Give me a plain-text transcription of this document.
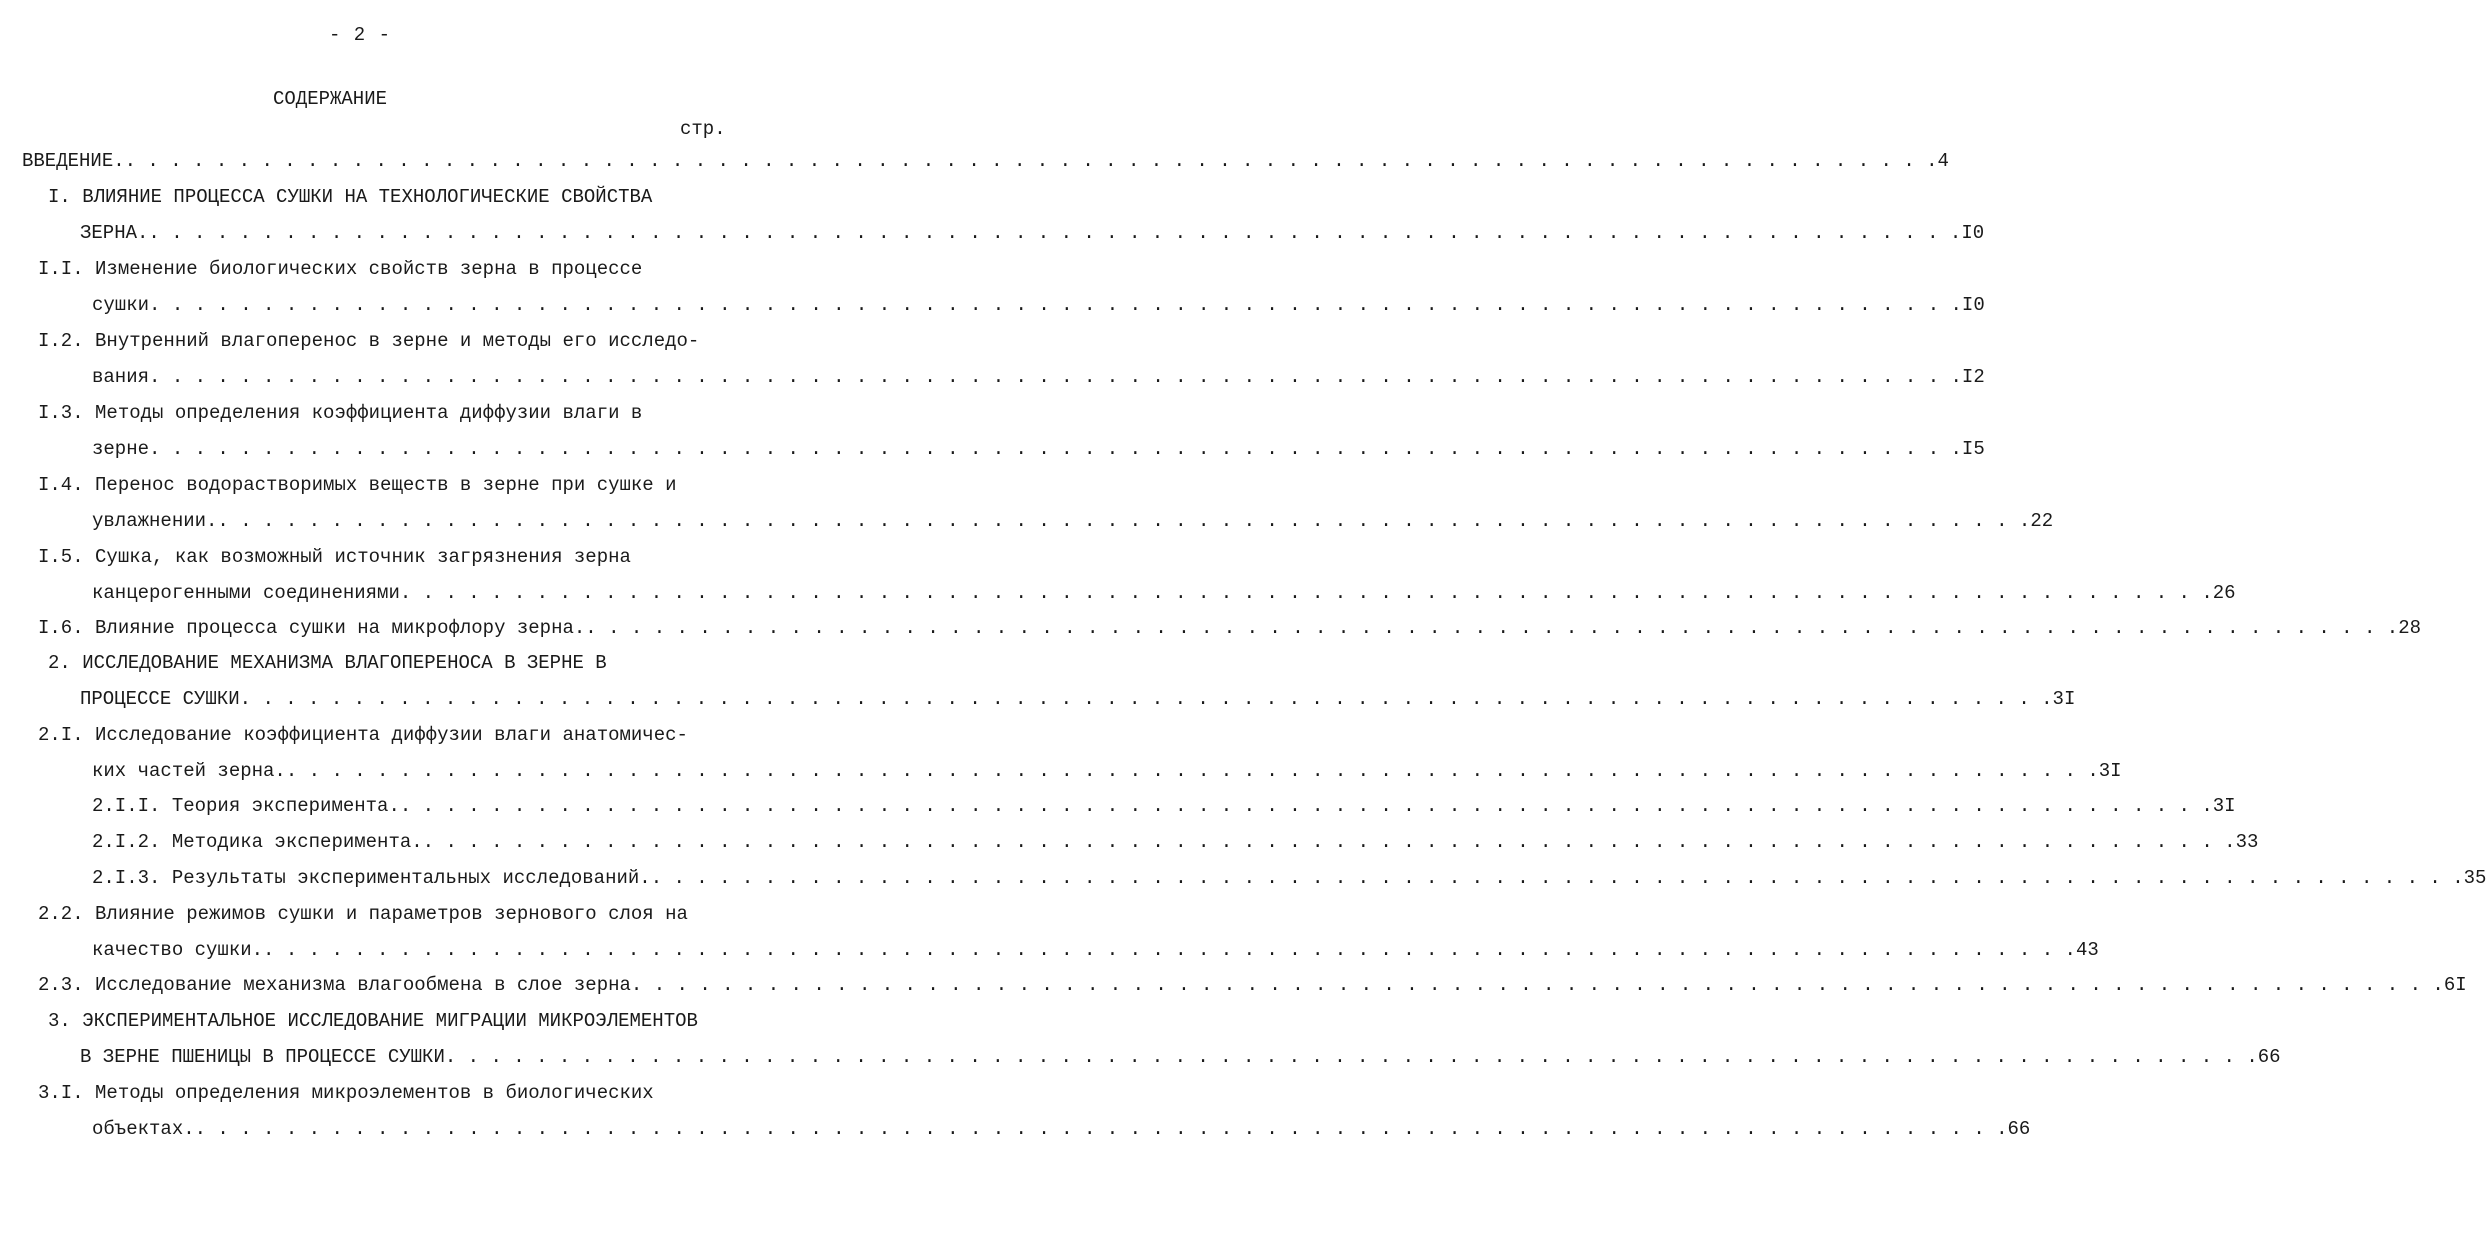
- 2 -
СОДЕРЖАНИЕ
стр.
ВВЕДЕНИЕ. . . . . . . . . . . . . . . . . . . . . . . . . . . . . . . . . . . . . . . . . . . . . . . . . . . . . . . . . . . . . . . . . . . . . . . . . . . . . . . . . 4
I. ВЛИЯНИЕ ПРОЦЕССА СУШКИ НА ТЕХНОЛОГИЧЕСКИЕ СВОЙСТВА
ЗЕРНА. . . . . . . . . . . . . . . . . . . . . . . . . . . . . . . . . . . . . . . . . . . . . . . . . . . . . . . . . . . . . . . . . . . . . . . . . . . . . . . . . I0
I.I. Изменение биологических свойств зерна в процессе
сушки . . . . . . . . . . . . . . . . . . . . . . . . . . . . . . . . . . . . . . . . . . . . . . . . . . . . . . . . . . . . . . . . . . . . . . . . . . . . . . . . I0
I.2. Внутренний влагоперенос в зерне и методы его исследо-
вания . . . . . . . . . . . . . . . . . . . . . . . . . . . . . . . . . . . . . . . . . . . . . . . . . . . . . . . . . . . . . . . . . . . . . . . . . . . . . . . . I2
I.3. Методы определения коэффициента диффузии влаги в
зерне . . . . . . . . . . . . . . . . . . . . . . . . . . . . . . . . . . . . . . . . . . . . . . . . . . . . . . . . . . . . . . . . . . . . . . . . . . . . . . . . I5
I.4. Перенос водорастворимых веществ в зерне при сушке и
увлажнении. . . . . . . . . . . . . . . . . . . . . . . . . . . . . . . . . . . . . . . . . . . . . . . . . . . . . . . . . . . . . . . . . . . . . . . . . . . . . . . . . 22
I.5. Сушка, как возможный источник загрязнения зерна
канцерогенными соединениями . . . . . . . . . . . . . . . . . . . . . . . . . . . . . . . . . . . . . . . . . . . . . . . . . . . . . . . . . . . . . . . . . . . . . . . . . . . . . . . . 26
I.6. Влияние процесса сушки на микрофлору зерна. . . . . . . . . . . . . . . . . . . . . . . . . . . . . . . . . . . . . . . . . . . . . . . . . . . . . . . . . . . . . . . . . . . . . . . . . . . . . . . . . 28
2. ИССЛЕДОВАНИЕ МЕХАНИЗМА ВЛАГОПЕРЕНОСА В ЗЕРНЕ В
ПРОЦЕССЕ СУШКИ . . . . . . . . . . . . . . . . . . . . . . . . . . . . . . . . . . . . . . . . . . . . . . . . . . . . . . . . . . . . . . . . . . . . . . . . . . . . . . . . 3I
2.I. Исследование коэффициента диффузии влаги анатомичес-
ких частей зерна. . . . . . . . . . . . . . . . . . . . . . . . . . . . . . . . . . . . . . . . . . . . . . . . . . . . . . . . . . . . . . . . . . . . . . . . . . . . . . . . . 3I
2.I.I. Теория эксперимента. . . . . . . . . . . . . . . . . . . . . . . . . . . . . . . . . . . . . . . . . . . . . . . . . . . . . . . . . . . . . . . . . . . . . . . . . . . . . . . . . 3I
2.I.2. Методика эксперимента. . . . . . . . . . . . . . . . . . . . . . . . . . . . . . . . . . . . . . . . . . . . . . . . . . . . . . . . . . . . . . . . . . . . . . . . . . . . . . . . . 33
2.I.3. Результаты экспериментальных исследований. . . . . . . . . . . . . . . . . . . . . . . . . . . . . . . . . . . . . . . . . . . . . . . . . . . . . . . . . . . . . . . . . . . . . . . . . . . . . . . . . 35
2.2. Влияние режимов сушки и параметров зернового слоя на
качество сушки. . . . . . . . . . . . . . . . . . . . . . . . . . . . . . . . . . . . . . . . . . . . . . . . . . . . . . . . . . . . . . . . . . . . . . . . . . . . . . . . . 43
2.3. Исследование механизма влагообмена в слое зерна . . . . . . . . . . . . . . . . . . . . . . . . . . . . . . . . . . . . . . . . . . . . . . . . . . . . . . . . . . . . . . . . . . . . . . . . . . . . . . . . 6I
3. ЭКСПЕРИМЕНТАЛЬНОЕ ИССЛЕДОВАНИЕ МИГРАЦИИ МИКРОЭЛЕМЕНТОВ
В ЗЕРНЕ ПШЕНИЦЫ В ПРОЦЕССЕ СУШКИ . . . . . . . . . . . . . . . . . . . . . . . . . . . . . . . . . . . . . . . . . . . . . . . . . . . . . . . . . . . . . . . . . . . . . . . . . . . . . . . . 66
3.I. Методы определения микроэлементов в биологических
объектах. . . . . . . . . . . . . . . . . . . . . . . . . . . . . . . . . . . . . . . . . . . . . . . . . . . . . . . . . . . . . . . . . . . . . . . . . . . . . . . . . 66
